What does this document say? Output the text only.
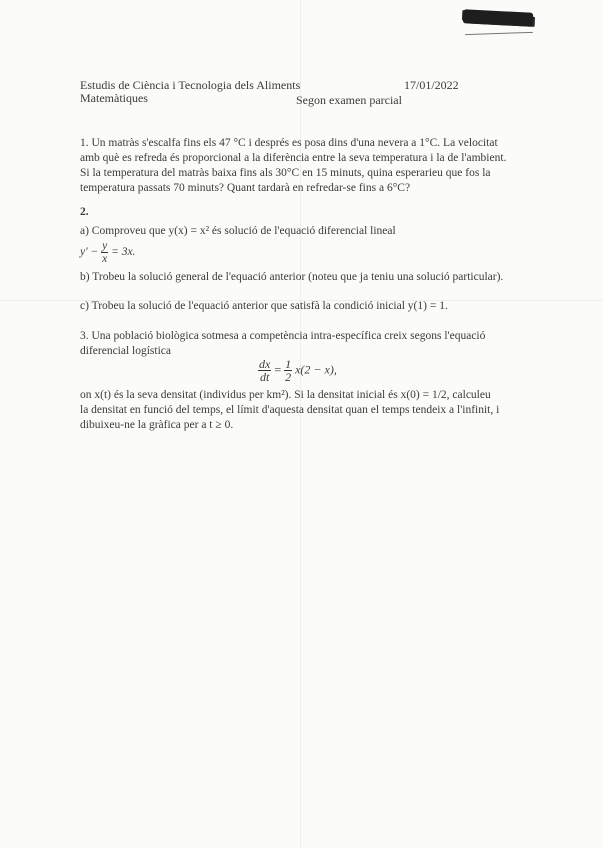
Estudis de Ciència i Tecnologia dels Aliments	17/01/2022
Matemàtiques	Segon examen parcial
1. Un matràs s'escalfa fins els 47 °C i després es posa dins d'una nevera a 1°C. La velocitat
amb què es refreda és proporcional a la diferència entre la seva temperatura i la de l'ambient.
Si la temperatura del matràs baixa fins als 30°C en 15 minuts, quina esperarieu que fos la
temperatura passats 70 minuts? Quant tardarà en refredar-se fins a 6°C?
2.
a) Comproveu que y(x) = x² és solució de l'equació diferencial lineal
$y' - \frac{y}{x} = 3x$.
b) Trobeu la solució general de l'equació anterior (noteu que ja teniu una solució particular).
c) Trobeu la solució de l'equació anterior que satisfà la condició inicial y(1) = 1.
3. Una població biològica sotmesa a competència intra-específica creix segons l'equació
diferencial logística
$\frac{dx}{dt} = \frac{1}{2} x(2 - x)$,
on x(t) és la seva densitat (individus per km²). Si la densitat inicial és x(0) = 1/2, calculeu
la densitat en funció del temps, el límit d'aquesta densitat quan el temps tendeix a l'infinit, i
dibuixeu-ne la gràfica per a t ≥ 0.
